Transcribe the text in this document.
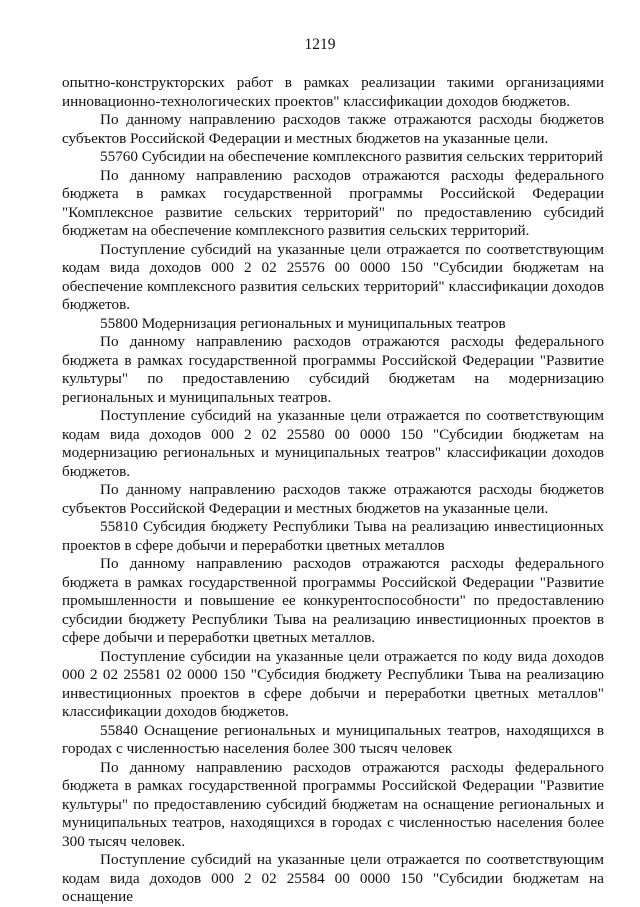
1219

опытно-конструкторских работ в рамках реализации такими организациями инновационно-технологических проектов" классификации доходов бюджетов.

По данному направлению расходов также отражаются расходы бюджетов субъектов Российской Федерации и местных бюджетов на указанные цели.

55760 Субсидии на обеспечение комплексного развития сельских территорий

По данному направлению расходов отражаются расходы федерального бюджета в рамках государственной программы Российской Федерации "Комплексное развитие сельских территорий" по предоставлению субсидий бюджетам на обеспечение комплексного развития сельских территорий.

Поступление субсидий на указанные цели отражается по соответствующим кодам вида доходов 000 2 02 25576 00 0000 150 "Субсидии бюджетам на обеспечение комплексного развития сельских территорий" классификации доходов бюджетов.

55800 Модернизация региональных и муниципальных театров

По данному направлению расходов отражаются расходы федерального бюджета в рамках государственной программы Российской Федерации "Развитие культуры" по предоставлению субсидий бюджетам на модернизацию региональных и муниципальных театров.

Поступление субсидий на указанные цели отражается по соответствующим кодам вида доходов 000 2 02 25580 00 0000 150 "Субсидии бюджетам на модернизацию региональных и муниципальных театров" классификации доходов бюджетов.

По данному направлению расходов также отражаются расходы бюджетов субъектов Российской Федерации и местных бюджетов на указанные цели.

55810 Субсидия бюджету Республики Тыва на реализацию инвестиционных проектов в сфере добычи и переработки цветных металлов

По данному направлению расходов отражаются расходы федерального бюджета в рамках государственной программы Российской Федерации "Развитие промышленности и повышение ее конкурентоспособности" по предоставлению субсидии бюджету Республики Тыва на реализацию инвестиционных проектов в сфере добычи и переработки цветных металлов.

Поступление субсидии на указанные цели отражается по коду вида доходов 000 2 02 25581 02 0000 150 "Субсидия бюджету Республики Тыва на реализацию инвестиционных проектов в сфере добычи и переработки цветных металлов" классификации доходов бюджетов.

55840 Оснащение региональных и муниципальных театров, находящихся в городах с численностью населения более 300 тысяч человек

По данному направлению расходов отражаются расходы федерального бюджета в рамках государственной программы Российской Федерации "Развитие культуры" по предоставлению субсидий бюджетам на оснащение региональных и муниципальных театров, находящихся в городах с численностью населения более 300 тысяч человек.

Поступление субсидий на указанные цели отражается по соответствующим кодам вида доходов 000 2 02 25584 00 0000 150 "Субсидии бюджетам на оснащение
